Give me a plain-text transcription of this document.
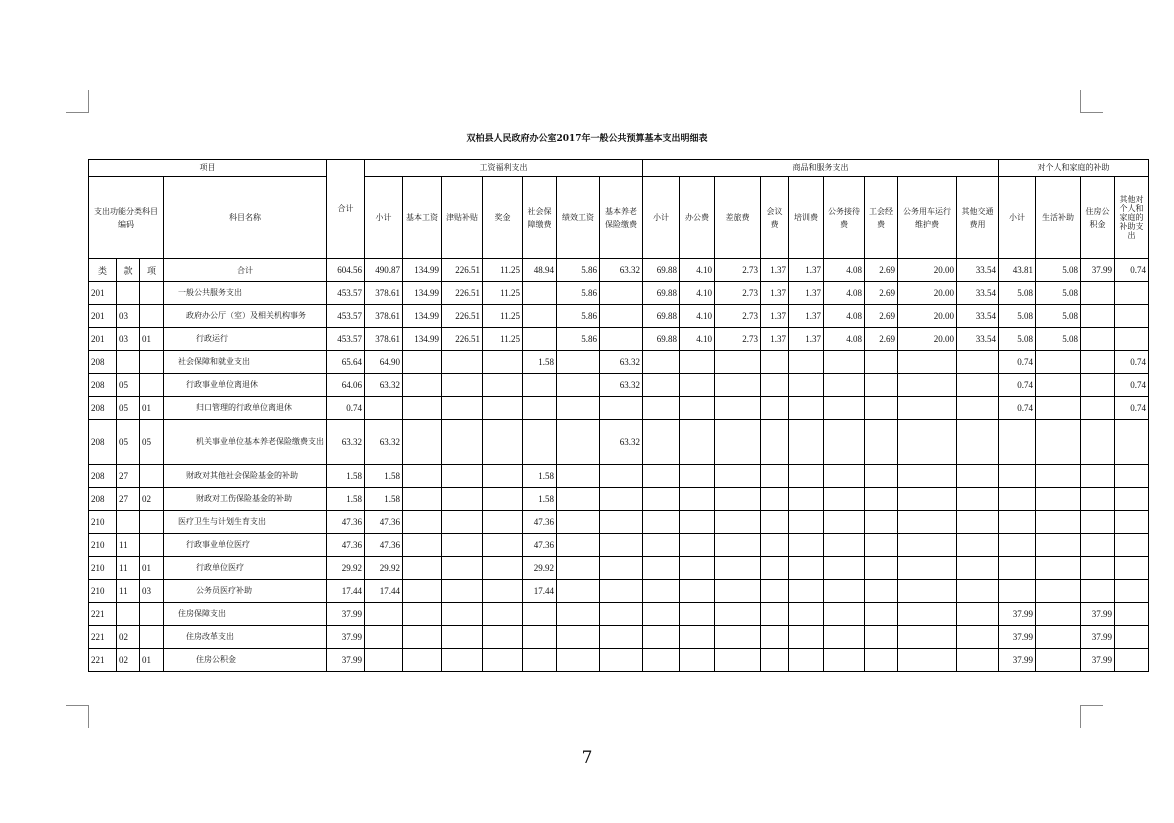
双柏县人民政府办公室2017年一般公共预算基本支出明细表
项目				合计	工资福利支出							商品和服务支出									对个人和家庭的补助			
支出功能分类科目编码			科目名称		小计	基本工资	津贴补贴	奖金	社会保障缴费	绩效工资	基本养老保险缴费	小计	办公费	差旅费	会议费	培训费	公务接待费	工会经费	公务用车运行维护费	其他交通费用	小计	生活补助	住房公积金	其他对个人和家庭的补助支出
类	款	项	合计	604.56	490.87	134.99	226.51	11.25	48.94	5.86	63.32	69.88	4.10	2.73	1.37	1.37	4.08	2.69	20.00	33.54	43.81	5.08	37.99	0.74
201			一般公共服务支出	453.57	378.61	134.99	226.51	11.25		5.86		69.88	4.10	2.73	1.37	1.37	4.08	2.69	20.00	33.54	5.08	5.08		
201	03		政府办公厅（室）及相关机构事务	453.57	378.61	134.99	226.51	11.25		5.86		69.88	4.10	2.73	1.37	1.37	4.08	2.69	20.00	33.54	5.08	5.08		
201	03	01	行政运行	453.57	378.61	134.99	226.51	11.25		5.86		69.88	4.10	2.73	1.37	1.37	4.08	2.69	20.00	33.54	5.08	5.08		
208			社会保障和就业支出	65.64	64.90				1.58		63.32										0.74			0.74
208	05		行政事业单位离退休	64.06	63.32						63.32										0.74			0.74
208	05	01	归口管理的行政单位离退休	0.74																	0.74			0.74
208	05	05	机关事业单位基本养老保险缴费支出	63.32	63.32						63.32													
208	27		财政对其他社会保险基金的补助	1.58	1.58				1.58															
208	27	02	财政对工伤保险基金的补助	1.58	1.58				1.58															
210			医疗卫生与计划生育支出	47.36	47.36				47.36															
210	11		行政事业单位医疗	47.36	47.36				47.36															
210	11	01	行政单位医疗	29.92	29.92				29.92															
210	11	03	公务员医疗补助	17.44	17.44				17.44															
221			住房保障支出	37.99																	37.99		37.99	
221	02		住房改革支出	37.99																	37.99		37.99	
221	02	01	住房公积金	37.99																	37.99		37.99	
7
